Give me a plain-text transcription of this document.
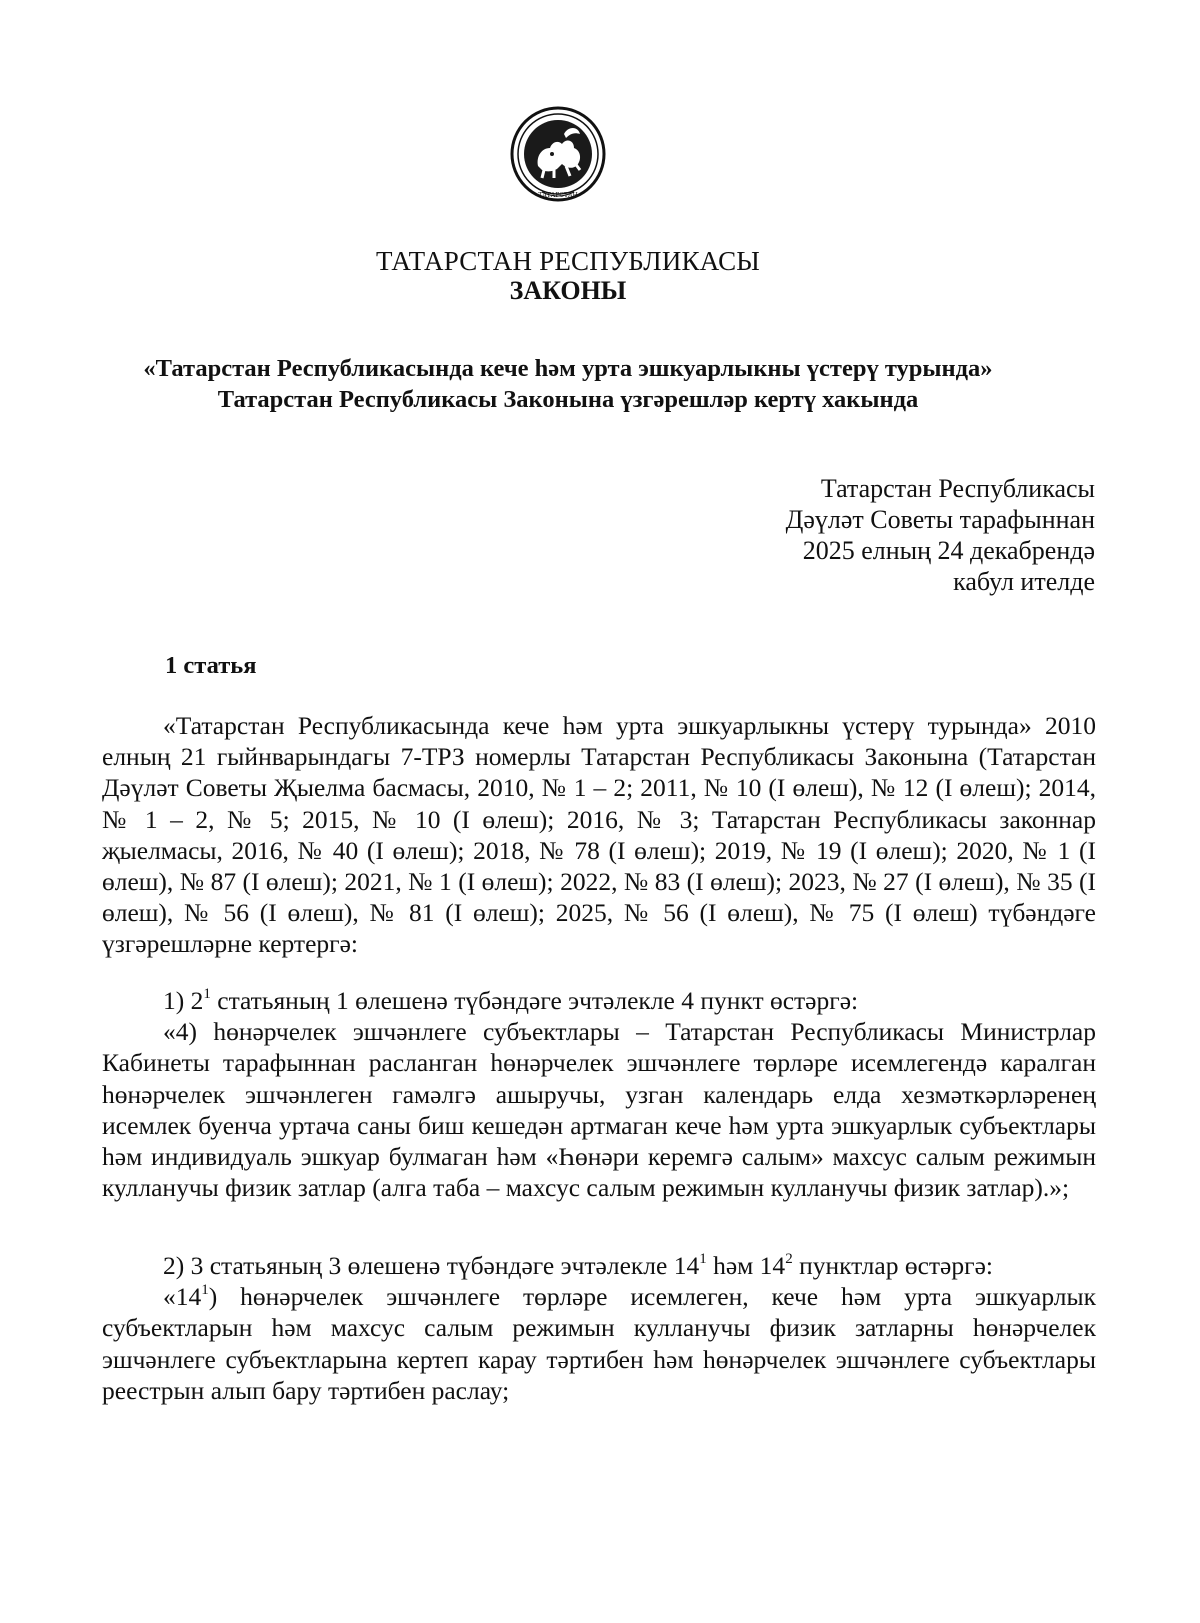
ТАТАРСТАН
ТАТАРСТАН РЕСПУБЛИКАСЫ
ЗАКОНЫ
«Татарстан Республикасында кече һәм урта эшкуарлыкны үстерү турында»
Татарстан Республикасы Законына үзгәрешләр кертү хакында
Татарстан Республикасы
Дәүләт Советы тарафыннан
2025 елның 24 декабрендә
кабул ителде
1 статья

«Татарстан Республикасында кече һәм урта эшкуарлыкны үстерү турында» 2010 елның 21 гыйнварындагы 7-ТРЗ номерлы Татарстан Республикасы Законына (Татарстан Дәүләт Советы Җыелма басмасы, 2010, № 1 – 2; 2011, № 10 (I өлеш), № 12 (I өлеш); 2014, № 1 – 2, № 5; 2015, № 10 (I өлеш); 2016, № 3; Татарстан Республикасы законнар җыелмасы, 2016, № 40 (I өлеш); 2018, № 78 (I өлеш); 2019, № 19 (I өлеш); 2020, № 1 (I өлеш), № 87 (I өлеш); 2021, № 1 (I өлеш); 2022, № 83 (I өлеш); 2023, № 27 (I өлеш), № 35 (I өлеш), № 56 (I өлеш), № 81 (I өлеш); 2025, № 56 (I өлеш), № 75 (I өлеш) түбәндәге үзгәрешләрне кертергә:

1) $2^1$ статьяның 1 өлешенә түбәндәге эчтәлекле 4 пункт өстәргә:

«4) һөнәрчелек эшчәнлеге субъектлары – Татарстан Республикасы Министрлар Кабинеты тарафыннан расланган һөнәрчелек эшчәнлеге төрләре исемлегендә каралган һөнәрчелек эшчәнлеген гамәлгә ашыручы, узган календарь елда хезмәткәрләренең исемлек буенча уртача саны биш кешедән артмаган кече һәм урта эшкуарлык субъектлары һәм индивидуаль эшкуар булмаган һәм «Һөнәри керемгә салым» махсус салым режимын кулланучы физик затлар (алга таба – махсус салым режимын кулланучы физик затлар).»;

2) 3 статьяның 3 өлешенә түбәндәге эчтәлекле $14^1$ һәм $14^2$ пунктлар өстәргә:

«$14^1$) һөнәрчелек эшчәнлеге төрләре исемлеген, кече һәм урта эшкуарлык субъектларын һәм махсус салым режимын кулланучы физик затларны һөнәрчелек эшчәнлеге субъектларына кертеп карау тәртибен һәм һөнәрчелек эшчәнлеге субъектлары реестрын алып бару тәртибен раслау;
